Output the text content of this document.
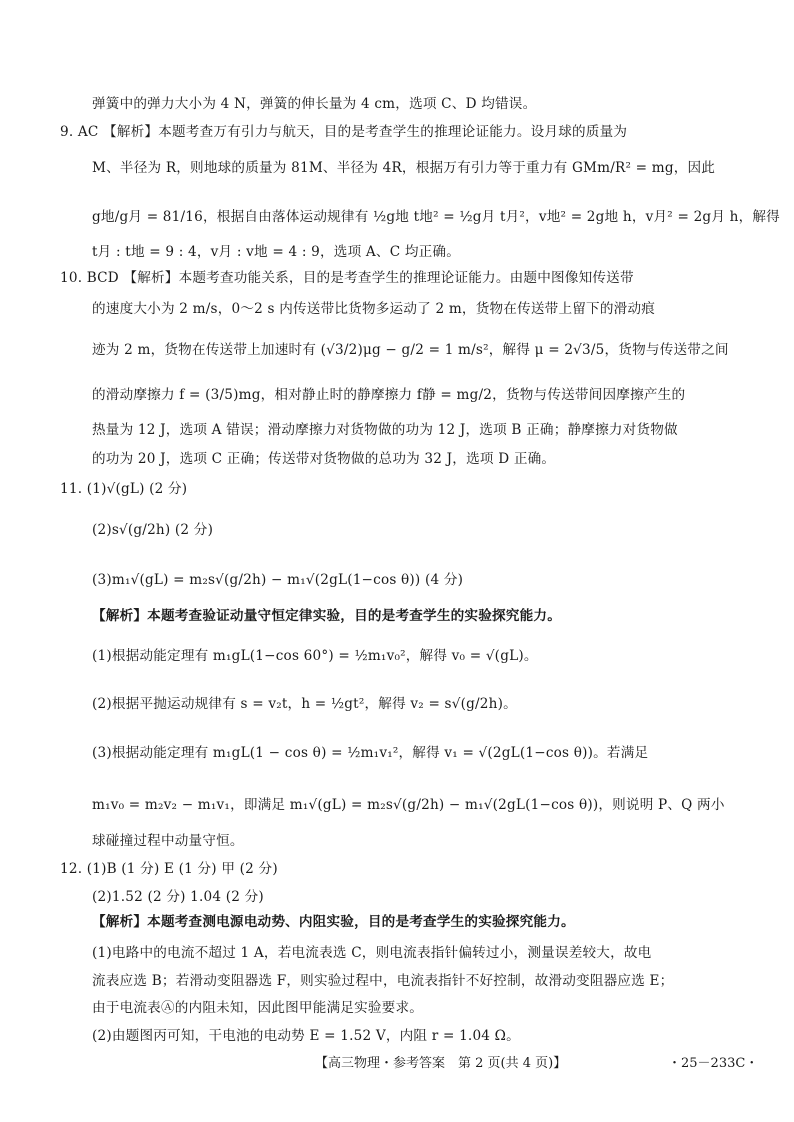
弹簧中的弹力大小为 4 N，弹簧的伸长量为 4 cm，选项 C、D 均错误。
9. AC 【解析】本题考查万有引力与航天，目的是考查学生的推理论证能力。设月球的质量为
M、半径为 R，则地球的质量为 81M、半径为 4R，根据万有引力等于重力有 GMm/R² = mg，因此
g地/g月 = 81/16，根据自由落体运动规律有 ½g地 t地² = ½g月 t月²，v地² = 2g地 h，v月² = 2g月 h，解得
t月 : t地 = 9 : 4，v月 : v地 = 4 : 9，选项 A、C 均正确。
10. BCD 【解析】本题考查功能关系，目的是考查学生的推理论证能力。由题中图像知传送带
的速度大小为 2 m/s，0～2 s 内传送带比货物多运动了 2 m，货物在传送带上留下的滑动痕
迹为 2 m，货物在传送带上加速时有 (√3/2)μg − g/2 = 1 m/s²，解得 μ = 2√3/5，货物与传送带之间
的滑动摩擦力 f = (3/5)mg，相对静止时的静摩擦力 f静 = mg/2，货物与传送带间因摩擦产生的
热量为 12 J，选项 A 错误；滑动摩擦力对货物做的功为 12 J，选项 B 正确；静摩擦力对货物做
的功为 20 J，选项 C 正确；传送带对货物做的总功为 32 J，选项 D 正确。
11. (1)√(gL) (2 分)
(2)s√(g/2h) (2 分)
(3)m₁√(gL) = m₂s√(g/2h) − m₁√(2gL(1−cos θ)) (4 分)
【解析】本题考查验证动量守恒定律实验，目的是考查学生的实验探究能力。
(1)根据动能定理有 m₁gL(1−cos 60°) = ½m₁v₀²，解得 v₀ = √(gL)。
(2)根据平抛运动规律有 s = v₂t，h = ½gt²，解得 v₂ = s√(g/2h)。
(3)根据动能定理有 m₁gL(1 − cos θ) = ½m₁v₁²，解得 v₁ = √(2gL(1−cos θ))。若满足
m₁v₀ = m₂v₂ − m₁v₁，即满足 m₁√(gL) = m₂s√(g/2h) − m₁√(2gL(1−cos θ))，则说明 P、Q 两小
球碰撞过程中动量守恒。
12. (1)B (1 分) E (1 分) 甲 (2 分)
(2)1.52 (2 分) 1.04 (2 分)
【解析】本题考查测电源电动势、内阻实验，目的是考查学生的实验探究能力。
(1)电路中的电流不超过 1 A，若电流表选 C，则电流表指针偏转过小，测量误差较大，故电
流表应选 B；若滑动变阻器选 F，则实验过程中，电流表指针不好控制，故滑动变阻器应选 E；
由于电流表Ⓐ的内阻未知，因此图甲能满足实验要求。
(2)由题图丙可知，干电池的电动势 E = 1.52 V，内阻 r = 1.04 Ω。
【高三物理・参考答案　第 2 页(共 4 页)】	・25－233C・
